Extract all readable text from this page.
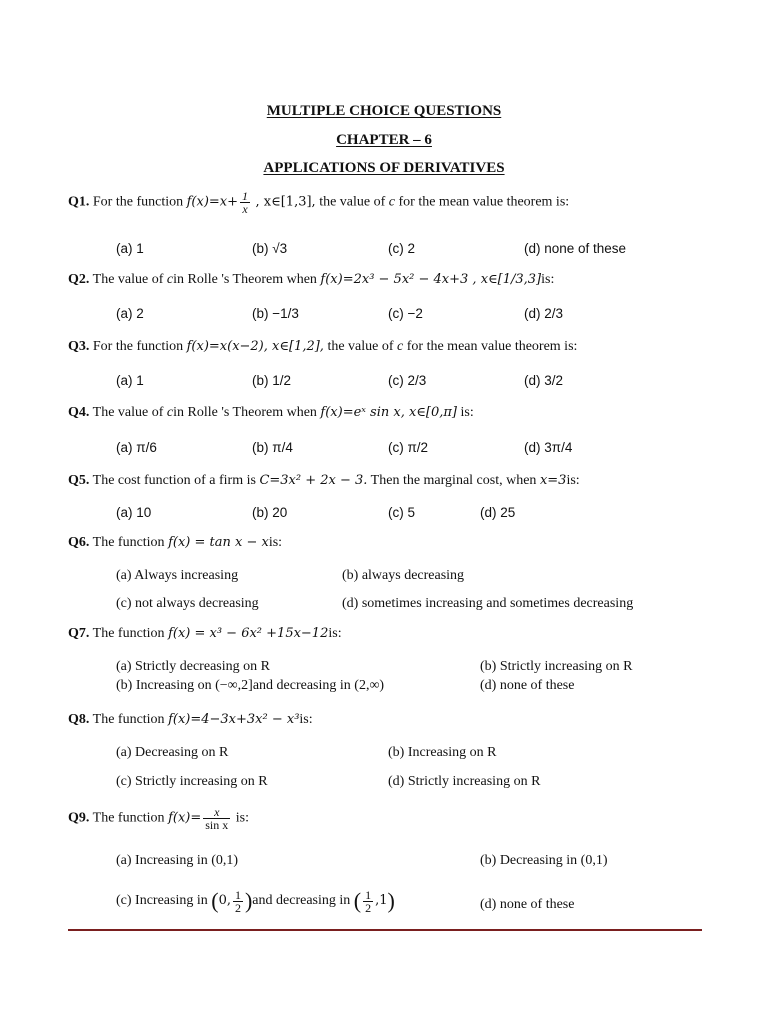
MULTIPLE CHOICE QUESTIONS
CHAPTER – 6
APPLICATIONS OF DERIVATIVES
Q1. For the function $f(x)=x+ \frac{1}{x}$ , x∈[1,3], the value of c for the mean value theorem is:
(a) 1	(b) √3	(c) 2	(d) none of these
Q2. The value of cin Rolle 's Theorem when f(x)=2x³ − 5x² − 4x+3 , x∈[1/3,3]is:
(a) 2	(b) −1/3	(c) −2	(d) 2/3
Q3. For the function f(x)=x(x−2), x∈[1,2], the value of c for the mean value theorem is:
(a) 1	(b) 1/2	(c) 2/3	(d) 3/2
Q4. The value of cin Rolle 's Theorem when f(x)=eˣ sin x, x∈[0,π] is:
(a) π/6	(b) π/4	(c) π/2	(d) 3π/4
Q5. The cost function of a firm is C=3x² + 2x − 3. Then the marginal cost, when x=3is:
(a) 10	(b) 20	(c) 5	(d) 25
Q6. The function f(x) = tan x − xis:
(a) Always increasing	(b) always decreasing
(c) not always decreasing	(d) sometimes increasing and sometimes decreasing
Q7. The function f(x) = x³ − 6x² +15x−12is:
(a) Strictly decreasing on R	(b) Strictly increasing on R
(b) Increasing on (−∞,2]and decreasing in (2,∞)	(d) none of these
Q8. The function f(x)=4−3x+3x² − x³is:
(a) Decreasing on R	(b) Increasing on R
(c) Strictly increasing on R	(d) Strictly increasing on R
Q9. The function $f(x)= \frac{x}{\text{sin x}}$ is:
(a) Increasing in (0,1)	(b) Decreasing in (0,1)
(c) Increasing in (0, $\frac{1}{2} )and$ decreasing in ( $\frac{1}{2} ,1$)	(d) none of these
